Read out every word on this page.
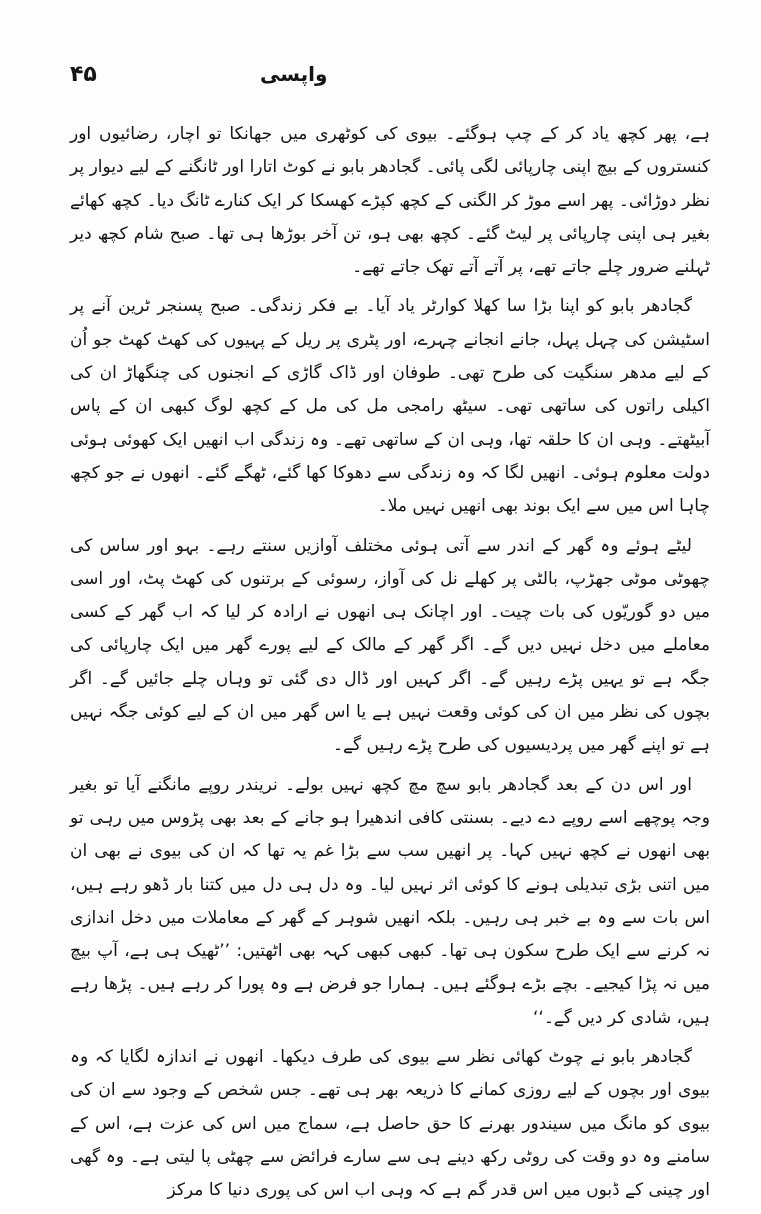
۴۵	واپسی

ہے، پھر کچھ یاد کر کے چپ ہوگئے۔ بیوی کی کوٹھری میں جھانکا تو اچار، رضائیوں اور کنستروں کے بیچ اپنی چارپائی لگی پائی۔ گجادھر بابو نے کوٹ اتارا اور ٹانگنے کے لیے دیوار پر نظر دوڑائی۔ پھر اسے موڑ کر الگنی کے کچھ کپڑے کھسکا کر ایک کنارے ٹانگ دیا۔ کچھ کھائے بغیر ہی اپنی چارپائی پر لیٹ گئے۔ کچھ بھی ہو، تن آخر بوڑھا ہی تھا۔ صبح شام کچھ دیر ٹہلنے ضرور چلے جاتے تھے، پر آتے آتے تھک جاتے تھے۔

گجادھر بابو کو اپنا بڑا سا کھلا کوارٹر یاد آیا۔ بے فکر زندگی۔ صبح پسنجر ٹرین آنے پر اسٹیشن کی چہل پہل، جانے انجانے چہرے، اور پٹری پر ریل کے پہیوں کی کھٹ کھٹ جو اُن کے لیے مدھر سنگیت کی طرح تھی۔ طوفان اور ڈاک گاڑی کے انجنوں کی چنگھاڑ ان کی اکیلی راتوں کی ساتھی تھی۔ سیٹھ رامجی مل کی مل کے کچھ لوگ کبھی ان کے پاس آبیٹھتے۔ وہی ان کا حلقہ تھا، وہی ان کے ساتھی تھے۔ وہ زندگی اب انھیں ایک کھوئی ہوئی دولت معلوم ہوئی۔ انھیں لگا کہ وہ زندگی سے دھوکا کھا گئے، ٹھگے گئے۔ انھوں نے جو کچھ چاہا اس میں سے ایک بوند بھی انھیں نہیں ملا۔

لیٹے ہوئے وہ گھر کے اندر سے آتی ہوئی مختلف آوازیں سنتے رہے۔ بہو اور ساس کی چھوٹی موٹی جھڑپ، بالٹی پر کھلے نل کی آواز، رسوئی کے برتنوں کی کھٹ پٹ، اور اسی میں دو گوریّوں کی بات چیت۔ اور اچانک ہی انھوں نے ارادہ کر لیا کہ اب گھر کے کسی معاملے میں دخل نہیں دیں گے۔ اگر گھر کے مالک کے لیے پورے گھر میں ایک چارپائی کی جگہ ہے تو یہیں پڑے رہیں گے۔ اگر کہیں اور ڈال دی گئی تو وہاں چلے جائیں گے۔ اگر بچوں کی نظر میں ان کی کوئی وقعت نہیں ہے یا اس گھر میں ان کے لیے کوئی جگہ نہیں ہے تو اپنے گھر میں پردیسیوں کی طرح پڑے رہیں گے۔

اور اس دن کے بعد گجادھر بابو سچ مچ کچھ نہیں بولے۔ نریندر روپے مانگنے آیا تو بغیر وجہ پوچھے اسے روپے دے دیے۔ بسنتی کافی اندھیرا ہو جانے کے بعد بھی پڑوس میں رہی تو بھی انھوں نے کچھ نہیں کہا۔ پر انھیں سب سے بڑا غم یہ تھا کہ ان کی بیوی نے بھی ان میں اتنی بڑی تبدیلی ہونے کا کوئی اثر نہیں لیا۔ وہ دل ہی دل میں کتنا بار ڈھو رہے ہیں، اس بات سے وہ بے خبر ہی رہیں۔ بلکہ انھیں شوہر کے گھر کے معاملات میں دخل اندازی نہ کرنے سے ایک طرح سکون ہی تھا۔ کبھی کبھی کہہ بھی اٹھتیں: ’’ٹھیک ہی ہے، آپ بیچ میں نہ پڑا کیجیے۔ بچے بڑے ہوگئے ہیں۔ ہمارا جو فرض ہے وہ پورا کر رہے ہیں۔ پڑھا رہے ہیں، شادی کر دیں گے۔‘‘

گجادھر بابو نے چوٹ کھائی نظر سے بیوی کی طرف دیکھا۔ انھوں نے اندازہ لگایا کہ وہ بیوی اور بچوں کے لیے روزی کمانے کا ذریعہ بھر ہی تھے۔ جس شخص کے وجود سے ان کی بیوی کو مانگ میں سیندور بھرنے کا حق حاصل ہے، سماج میں اس کی عزت ہے، اس کے سامنے وہ دو وقت کی روٹی رکھ دینے ہی سے سارے فرائض سے چھٹی پا لیتی ہے۔ وہ گھی اور چینی کے ڈبوں میں اس قدر گم ہے کہ وہی اب اس کی پوری دنیا کا مرکز
